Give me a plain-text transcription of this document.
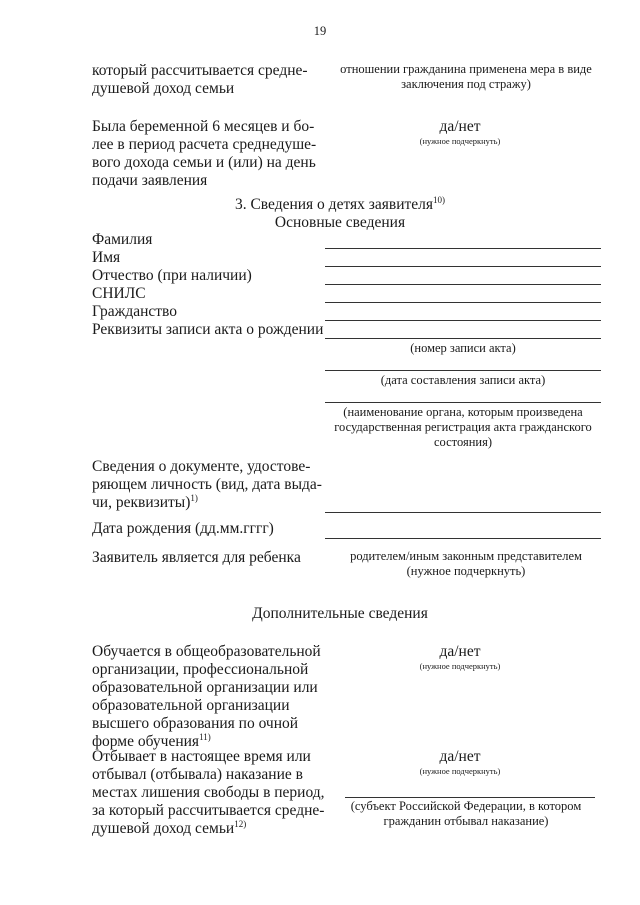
19

который рассчитывается средне-

душевой доход семьи

отношении гражданина применена мера в виде

заключения под стражу)

Была беременной 6 месяцев и бо-

лее в период расчета среднедуше-

вого дохода семьи и (или) на день

подачи заявления

да/нет

(нужное подчеркнуть)

3. Сведения о детях заявителя$^{10)}$

Основные сведения

Фамилия

Имя

Отчество (при наличии)

СНИЛС

Гражданство

Реквизиты записи акта о рождении

(номер записи акта)
(дата составления записи акта)

(наименование органа, которым произведена

государственная регистрация акта гражданского

состояния)

Сведения о документе, удостове-

ряющем личность (вид, дата выда-

чи, реквизиты)$^{1)}$

Дата рождения (дд.мм.гггг)
Заявитель является для ребенка	родителем/иным законным представителем

(нужное подчеркнуть)

Дополнительные сведения

Обучается в общеобразовательной

организации, профессиональной

образовательной организации или

образовательной организации

высшего образования по очной

форме обучения$^{11)}$

да/нет

(нужное подчеркнуть)

Отбывает в настоящее время или

отбывал (отбывала) наказание в

местах лишения свободы в период,

за который рассчитывается средне-

душевой доход семьи$^{12)}$

да/нет

(нужное подчеркнуть)

(субъект Российской Федерации, в котором

гражданин отбывал наказание)
